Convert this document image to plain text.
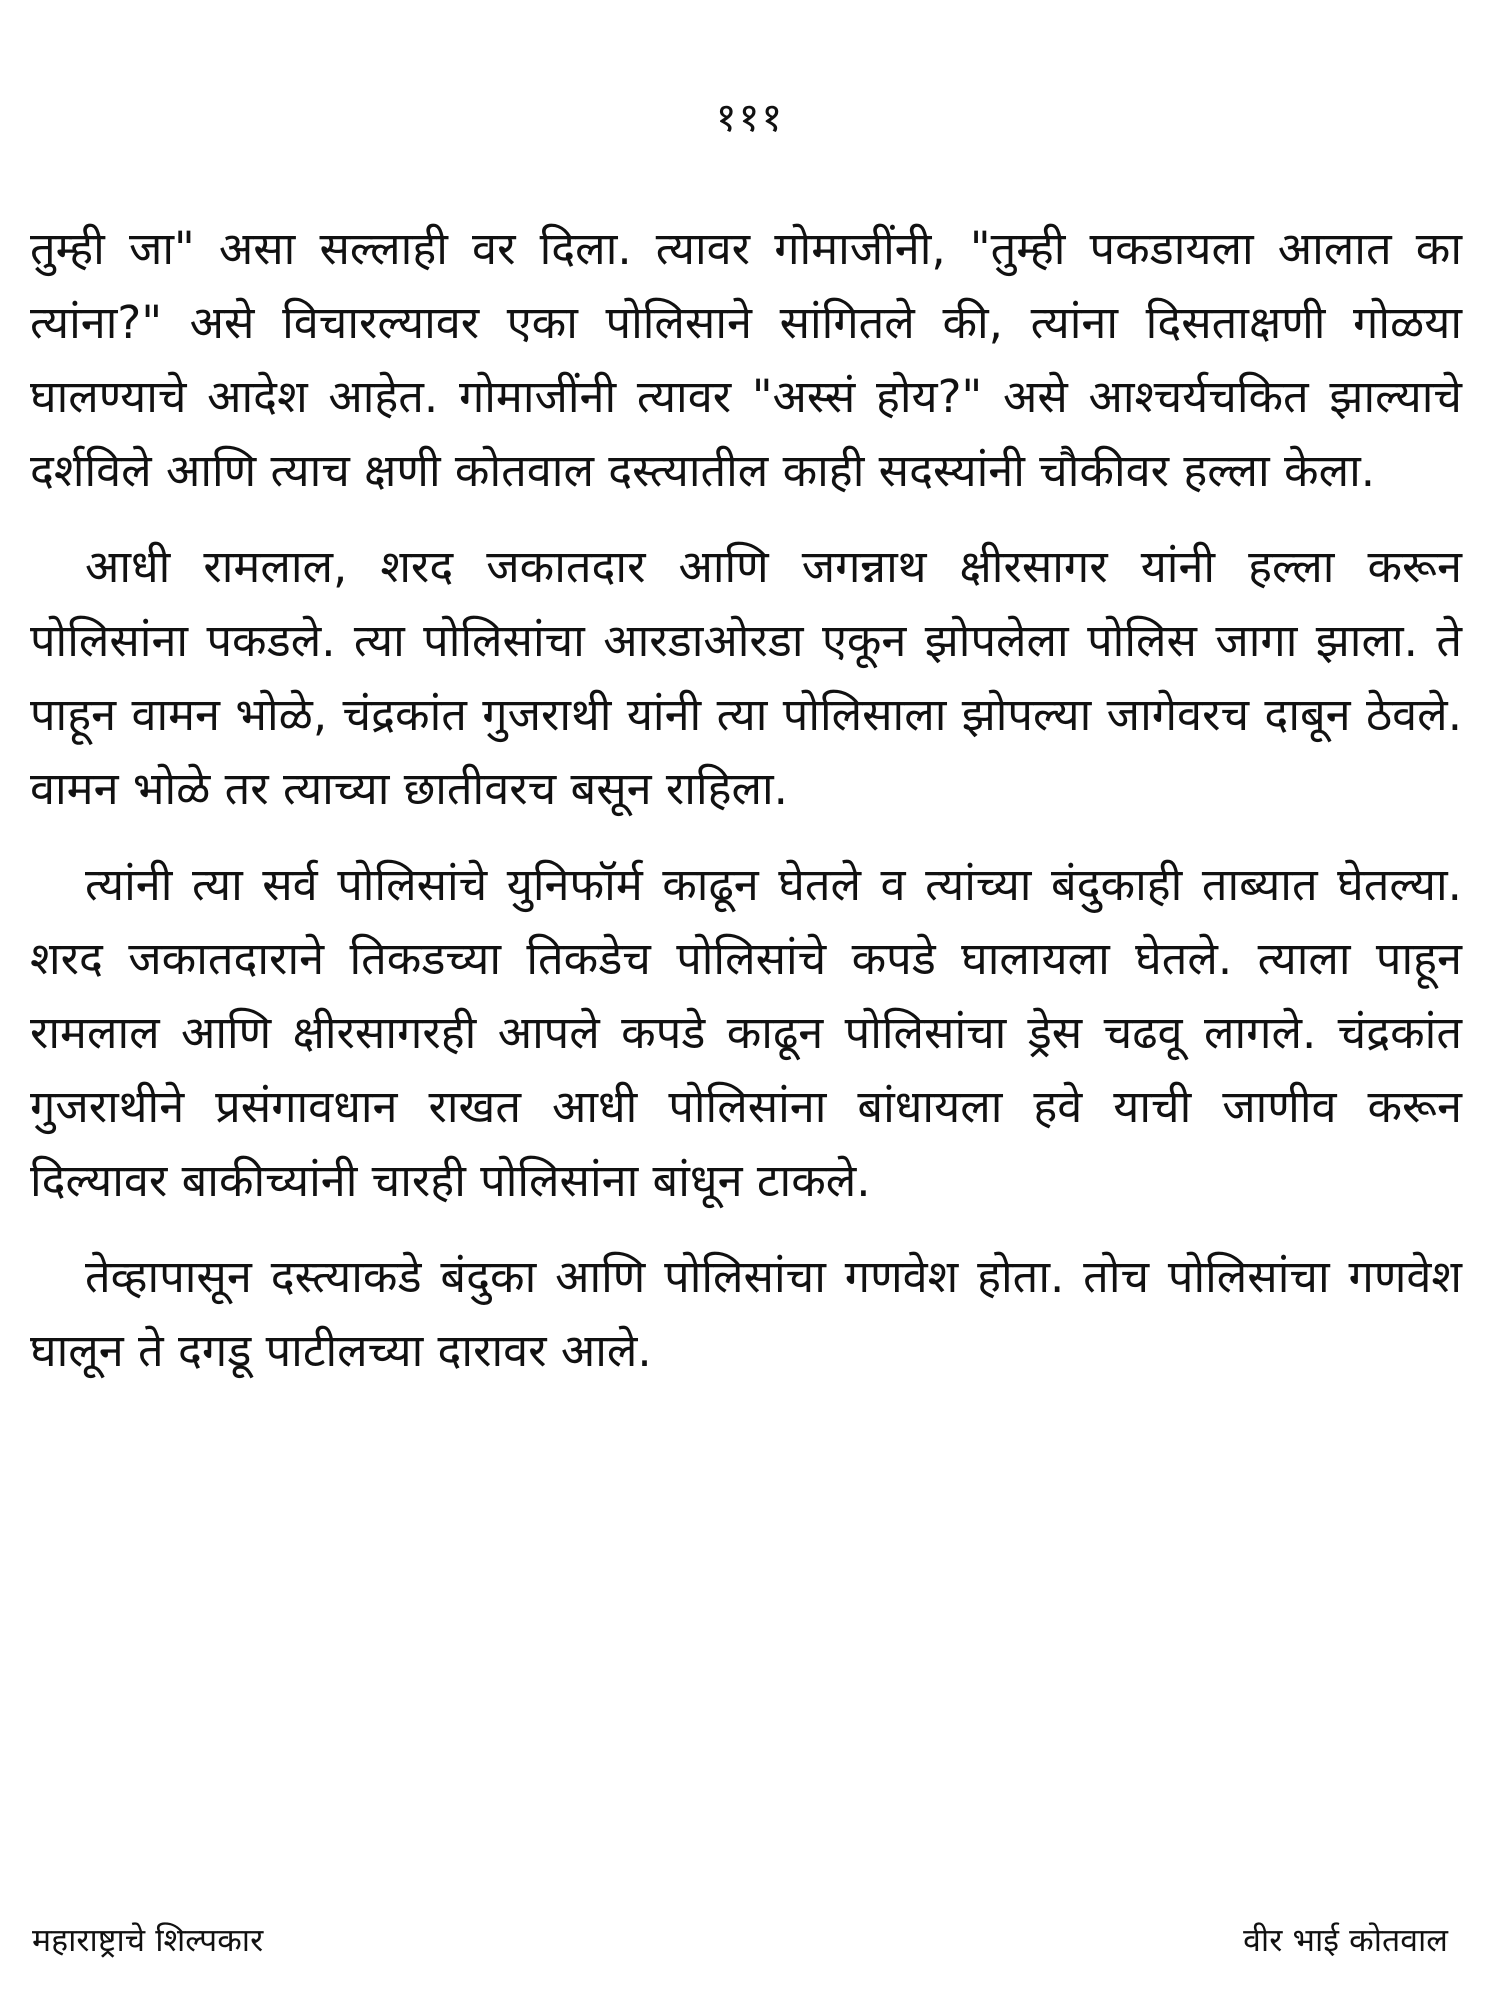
१११

तुम्ही जा" असा सल्लाही वर दिला. त्यावर गोमाजींनी, "तुम्ही पकडायला आलात का त्यांना?" असे विचारल्यावर एका पोलिसाने सांगितले की, त्यांना दिसताक्षणी गोळया घालण्याचे आदेश आहेत. गोमाजींनी त्यावर "अस्सं होय?" असे आश्चर्यचकित झाल्याचे दर्शविले आणि त्याच क्षणी कोतवाल दस्त्यातील काही सदस्यांनी चौकीवर हल्ला केला.

आधी रामलाल, शरद जकातदार आणि जगन्नाथ क्षीरसागर यांनी हल्ला करून पोलिसांना पकडले. त्या पोलिसांचा आरडाओरडा एकून झोपलेला पोलिस जागा झाला. ते पाहून वामन भोळे, चंद्रकांत गुजराथी यांनी त्या पोलिसाला झोपल्या जागेवरच दाबून ठेवले. वामन भोळे तर त्याच्या छातीवरच बसून राहिला.

त्यांनी त्या सर्व पोलिसांचे युनिफॉर्म काढून घेतले व त्यांच्या बंदुकाही ताब्यात घेतल्या. शरद जकातदाराने तिकडच्या तिकडेच पोलिसांचे कपडे घालायला घेतले. त्याला पाहून रामलाल आणि क्षीरसागरही आपले कपडे काढून पोलिसांचा ड्रेस चढवू लागले. चंद्रकांत गुजराथीने प्रसंगावधान राखत आधी पोलिसांना बांधायला हवे याची जाणीव करून दिल्यावर बाकीच्यांनी चारही पोलिसांना बांधून टाकले.

तेव्हापासून दस्त्याकडे बंदुका आणि पोलिसांचा गणवेश होता. तोच पोलिसांचा गणवेश घालून ते दगडू पाटीलच्या दारावर आले.

महाराष्ट्राचे शिल्पकार	वीर भाई कोतवाल
